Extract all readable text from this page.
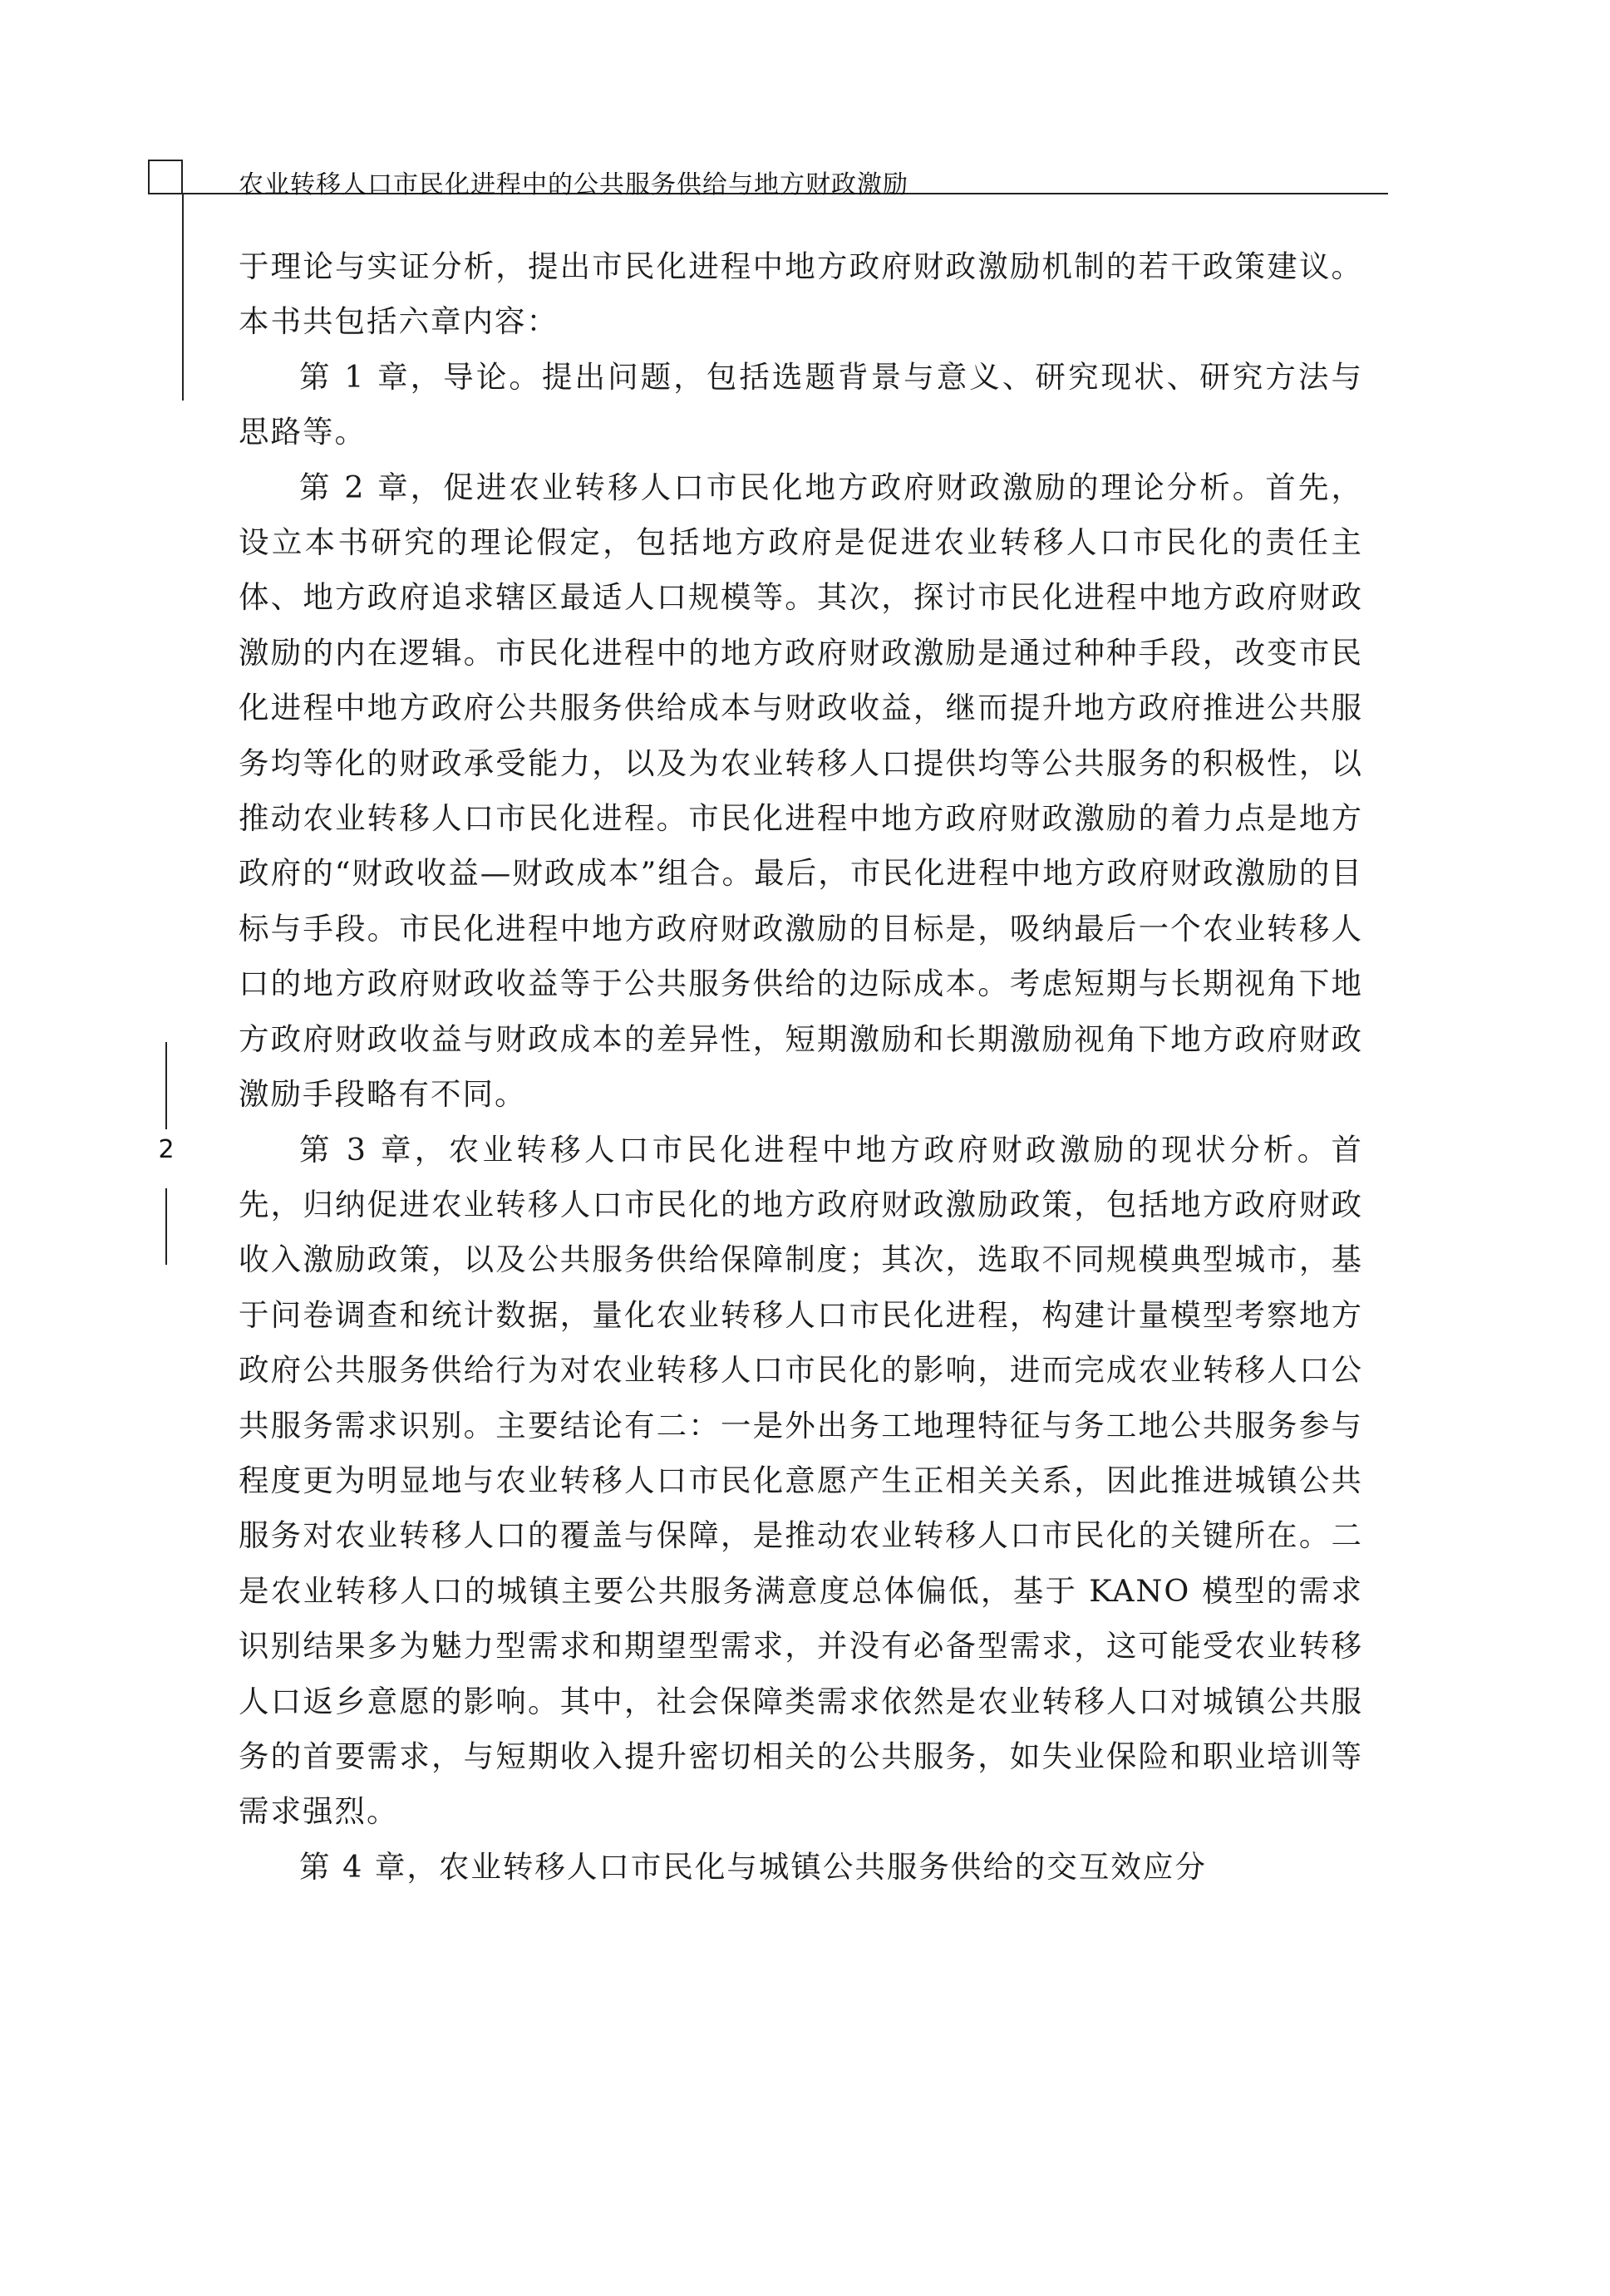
农业转移人口市民化进程中的公共服务供给与地方财政激励
2

于理论与实证分析，提出市民化进程中地方政府财政激励机制的若干政策建议。本书共包括六章内容：

第 1 章，导论。提出问题，包括选题背景与意义、研究现状、研究方法与思路等。

第 2 章，促进农业转移人口市民化地方政府财政激励的理论分析。首先，设立本书研究的理论假定，包括地方政府是促进农业转移人口市民化的责任主体、地方政府追求辖区最适人口规模等。其次，探讨市民化进程中地方政府财政激励的内在逻辑。市民化进程中的地方政府财政激励是通过种种手段，改变市民化进程中地方政府公共服务供给成本与财政收益，继而提升地方政府推进公共服务均等化的财政承受能力，以及为农业转移人口提供均等公共服务的积极性，以推动农业转移人口市民化进程。市民化进程中地方政府财政激励的着力点是地方政府的“财政收益—财政成本”组合。最后，市民化进程中地方政府财政激励的目标与手段。市民化进程中地方政府财政激励的目标是，吸纳最后一个农业转移人口的地方政府财政收益等于公共服务供给的边际成本。考虑短期与长期视角下地方政府财政收益与财政成本的差异性，短期激励和长期激励视角下地方政府财政激励手段略有不同。

第 3 章，农业转移人口市民化进程中地方政府财政激励的现状分析。首先，归纳促进农业转移人口市民化的地方政府财政激励政策，包括地方政府财政收入激励政策，以及公共服务供给保障制度；其次，选取不同规模典型城市，基于问卷调查和统计数据，量化农业转移人口市民化进程，构建计量模型考察地方政府公共服务供给行为对农业转移人口市民化的影响，进而完成农业转移人口公共服务需求识别。主要结论有二：一是外出务工地理特征与务工地公共服务参与程度更为明显地与农业转移人口市民化意愿产生正相关关系，因此推进城镇公共服务对农业转移人口的覆盖与保障，是推动农业转移人口市民化的关键所在。二是农业转移人口的城镇主要公共服务满意度总体偏低，基于 KANO 模型的需求识别结果多为魅力型需求和期望型需求，并没有必备型需求，这可能受农业转移人口返乡意愿的影响。其中，社会保障类需求依然是农业转移人口对城镇公共服务的首要需求，与短期收入提升密切相关的公共服务，如失业保险和职业培训等需求强烈。

第 4 章，农业转移人口市民化与城镇公共服务供给的交互效应分
